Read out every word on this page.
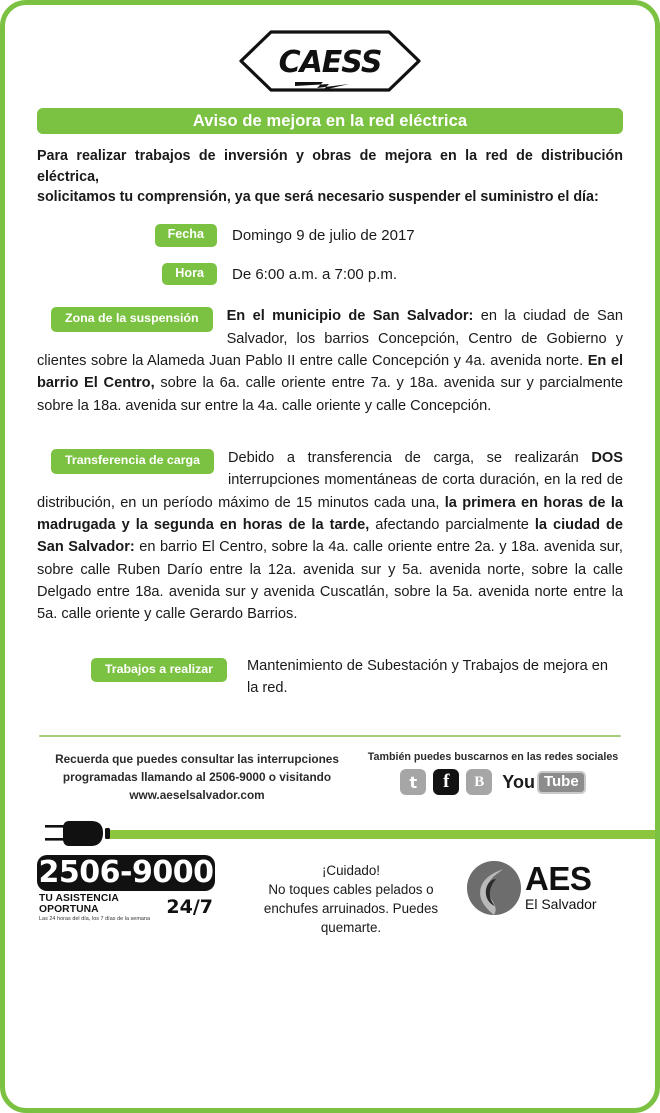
CAESS
Aviso de mejora en la red eléctrica
Para realizar trabajos de inversión y obras de mejora en la red de distribución eléctrica,
solicitamos tu comprensión, ya que será necesario suspender el suministro el día:
Fecha	Domingo 9 de julio de 2017
Hora	De 6:00 a.m. a 7:00 p.m.
Zona de la suspensión	En el municipio de San Salvador: en la ciudad de San Salvador, los barrios Concepción, Centro de Gobierno y clientes sobre la Alameda Juan Pablo II entre calle Concepción y 4a. avenida norte. En el barrio El Centro, sobre la 6a. calle oriente entre 7a. y 18a. avenida sur y parcialmente sobre la 18a. avenida sur entre la 4a. calle oriente y calle Concepción.
Transferencia de carga	Debido a transferencia de carga, se realizarán DOS interrupciones momentáneas de corta duración, en la red de distribución, en un período máximo de 15 minutos cada una, la primera en horas de la madrugada y la segunda en horas de la tarde, afectando parcialmente la ciudad de San Salvador: en barrio El Centro, sobre la 4a. calle oriente entre 2a. y 18a. avenida sur, sobre calle Ruben Darío entre la 12a. avenida sur y 5a. avenida norte, sobre la calle Delgado entre 18a. avenida sur y avenida Cuscatlán, sobre la 5a. avenida norte entre la 5a. calle oriente y calle Gerardo Barrios.
Trabajos a realizar	Mantenimiento de Subestación y Trabajos de mejora en la red.
Recuerda que puedes consultar las interrupciones
programadas llamando al 2506-9000 o visitando
www.aeselsalvador.com
También puedes buscarnos en las redes sociales
t	f	B	You Tube
2506-9000
TU ASISTENCIA OPORTUNA
Las 24 horas del día, los 7 días de la semana
24/7
¡Cuidado!
No toques cables pelados o
enchufes arruinados. Puedes
quemarte.
AES
El Salvador
